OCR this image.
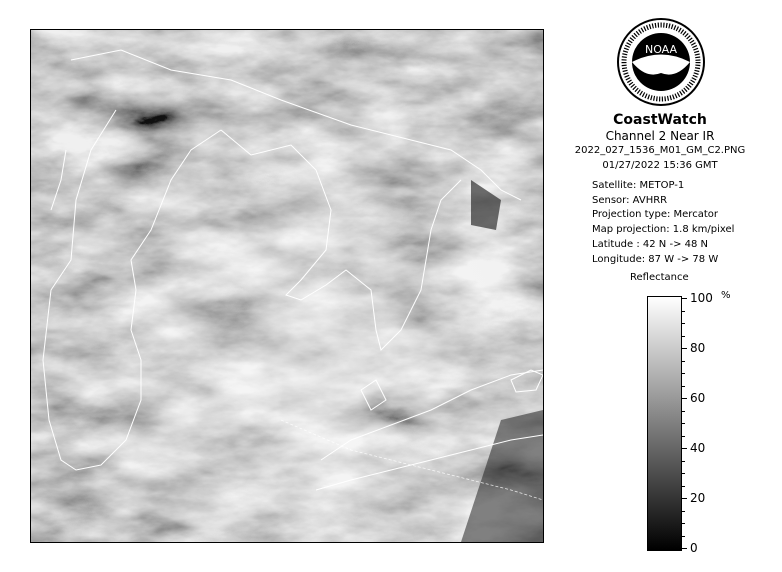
NOAA
CoastWatch
Channel 2 Near IR
2022_027_1536_M01_GM_C2.PNG
01/27/2022 15:36 GMT
Satellite: METOP-1
Sensor: AVHRR
Projection type: Mercator
Map projection: 1.8 km/pixel
Latitude : 42 N -> 48 N
Longitude: 87 W -> 78 W
Reflectance
%
100
80
60
40
20
0
